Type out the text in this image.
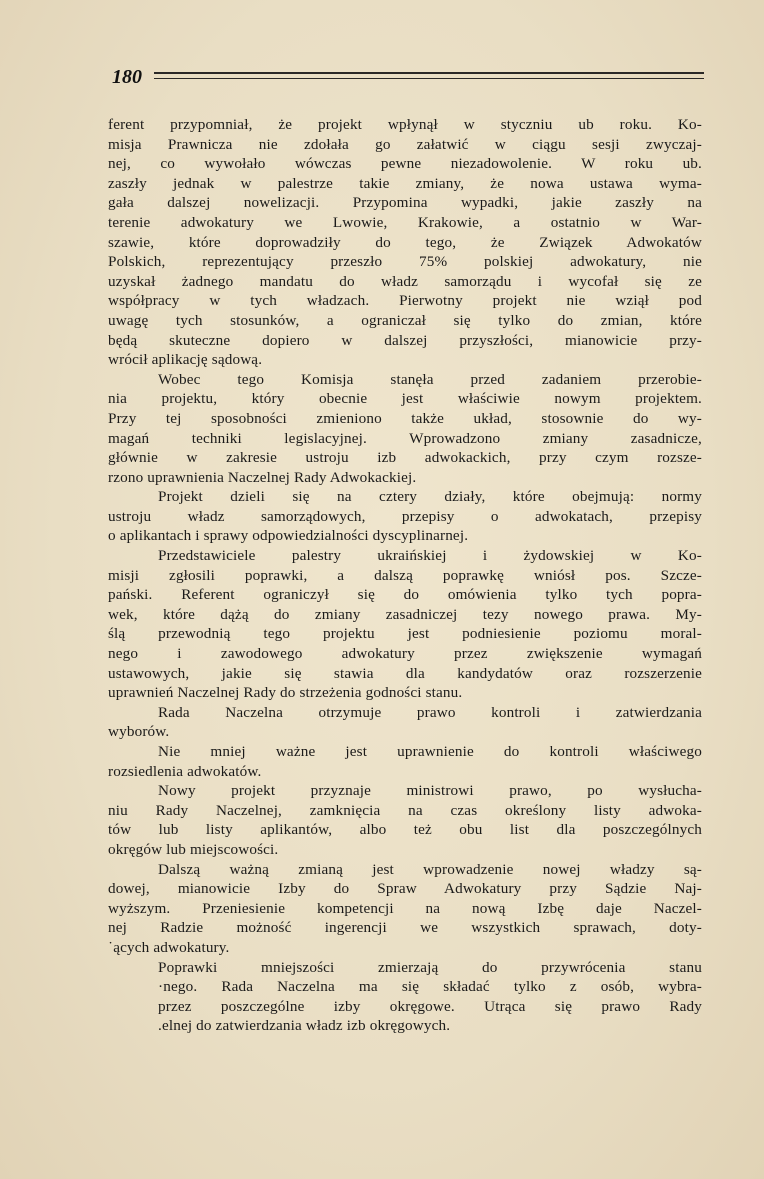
180
ferent przypomniał, że projekt wpłynął w styczniu ub roku. Ko-
misja Prawnicza nie zdołała go załatwić w ciągu sesji zwyczaj-
nej, co wywołało wówczas pewne niezadowolenie. W roku ub.
zaszły jednak w palestrze takie zmiany, że nowa ustawa wyma-
gała dalszej nowelizacji. Przypomina wypadki, jakie zaszły na
terenie adwokatury we Lwowie, Krakowie, a ostatnio w War-
szawie, które doprowadziły do tego, że Związek Adwokatów
Polskich, reprezentujący przeszło 75% polskiej adwokatury, nie
uzyskał żadnego mandatu do władz samorządu i wycofał się ze
współpracy w tych władzach. Pierwotny projekt nie wziął pod
uwagę tych stosunków, a ograniczał się tylko do zmian, które
będą skuteczne dopiero w dalszej przyszłości, mianowicie przy-
wrócił aplikację sądową.
Wobec tego Komisja stanęła przed zadaniem przerobie-
nia projektu, który obecnie jest właściwie nowym projektem.
Przy tej sposobności zmieniono także układ, stosownie do wy-
magań techniki legislacyjnej. Wprowadzono zmiany zasadnicze,
głównie w zakresie ustroju izb adwokackich, przy czym rozsze-
rzono uprawnienia Naczelnej Rady Adwokackiej.
Projekt dzieli się na cztery działy, które obejmują: normy
ustroju władz samorządowych, przepisy o adwokatach, przepisy
o aplikantach i sprawy odpowiedzialności dyscyplinarnej.
Przedstawiciele palestry ukraińskiej i żydowskiej w Ko-
misji zgłosili poprawki, a dalszą poprawkę wniósł pos. Szcze-
pański. Referent ograniczył się do omówienia tylko tych popra-
wek, które dążą do zmiany zasadniczej tezy nowego prawa. My-
ślą przewodnią tego projektu jest podniesienie poziomu moral-
nego i zawodowego adwokatury przez zwiększenie wymagań
ustawowych, jakie się stawia dla kandydatów oraz rozszerzenie
uprawnień Naczelnej Rady do strzeżenia godności stanu.
Rada Naczelna otrzymuje prawo kontroli i zatwierdzania
wyborów.
Nie mniej ważne jest uprawnienie do kontroli właściwego
rozsiedlenia adwokatów.
Nowy projekt przyznaje ministrowi prawo, po wysłucha-
niu Rady Naczelnej, zamknięcia na czas określony listy adwoka-
tów lub listy aplikantów, albo też obu list dla poszczególnych
okręgów lub miejscowości.
Dalszą ważną zmianą jest wprowadzenie nowej władzy są-
dowej, mianowicie Izby do Spraw Adwokatury przy Sądzie Naj-
wyższym. Przeniesienie kompetencji na nową Izbę daje Naczel-
nej Radzie możność ingerencji we wszystkich sprawach, doty-
˙ących adwokatury.
Poprawki mniejszości zmierzają do przywrócenia stanu
·nego. Rada Naczelna ma się składać tylko z osób, wybra-
przez poszczególne izby okręgowe. Utrąca się prawo Rady
.elnej do zatwierdzania władz izb okręgowych.
